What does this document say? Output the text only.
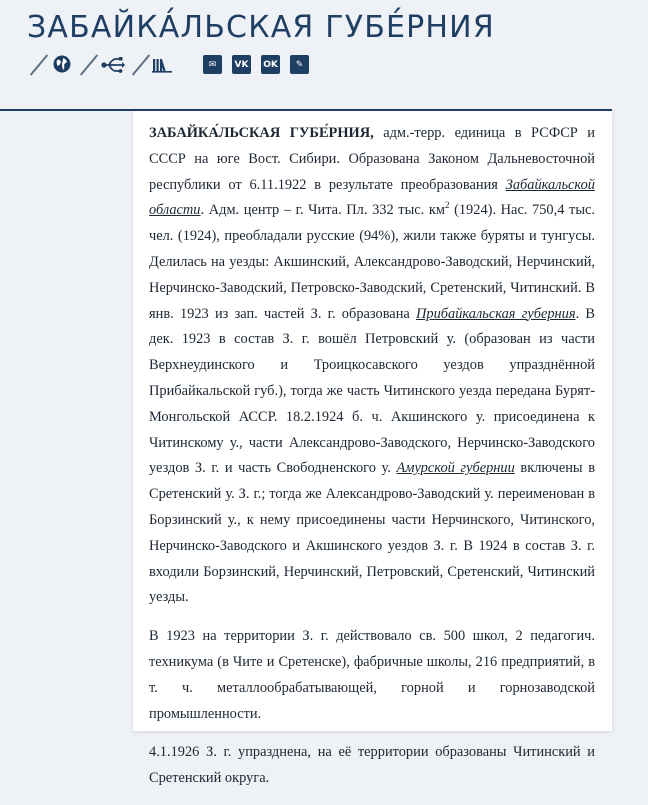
ЗАБАЙКА́ЛЬСКАЯ ГУБЕ́РНИЯ
✉	VK OK	✎

ЗАБАЙКА́ЛЬСКАЯ ГУБЕ́РНИЯ, адм.-терр. единица в РСФСР и СССР на юге Вост. Сибири. Образована Законом Дальневосточной республики от 6.11.1922 в результате преобразования Забайкальской области. Адм. центр – г. Чита. Пл. 332 тыс. $км^2$ (1924). Нас. 750,4 тыс. чел. (1924), преобладали русские (94%), жили также буряты и тунгусы. Делилась на уезды: Акшинский, Александрово-Заводский, Нерчинский, Нерчинско-Заводский, Петровско-Заводский, Сретенский, Читинский. В янв. 1923 из зап. частей З. г. образована Прибайкальская губерния. В дек. 1923 в состав З. г. вошёл Петровский у. (образован из части Верхнеудинского и Троицкосавского уездов упразднённой Прибайкальской губ.), тогда же часть Читинского уезда передана Бурят-Монгольской АССР. 18.2.1924 б. ч. Акшинского у. присоединена к Читинскому у., части Александрово-Заводского, Нерчинско-Заводского уездов З. г. и часть Свободненского у. Амурской губернии включены в Сретенский у. З. г.; тогда же Александрово-Заводский у. переименован в Борзинский у., к нему присоединены части Нерчинского, Читинского, Нерчинско-Заводского и Акшинского уездов З. г. В 1924 в состав З. г. входили Борзинский, Нерчинский, Петровский, Сретенский, Читинский уезды.

В 1923 на территории З. г. действовало св. 500 школ, 2 педагогич. техникума (в Чите и Сретенске), фабричные школы, 216 предприятий, в т. ч. металлообрабатывающей, горной и горнозаводской промышленности.

4.1.1926 З. г. упразднена, на её территории образованы Читинский и Сретенский округа.
